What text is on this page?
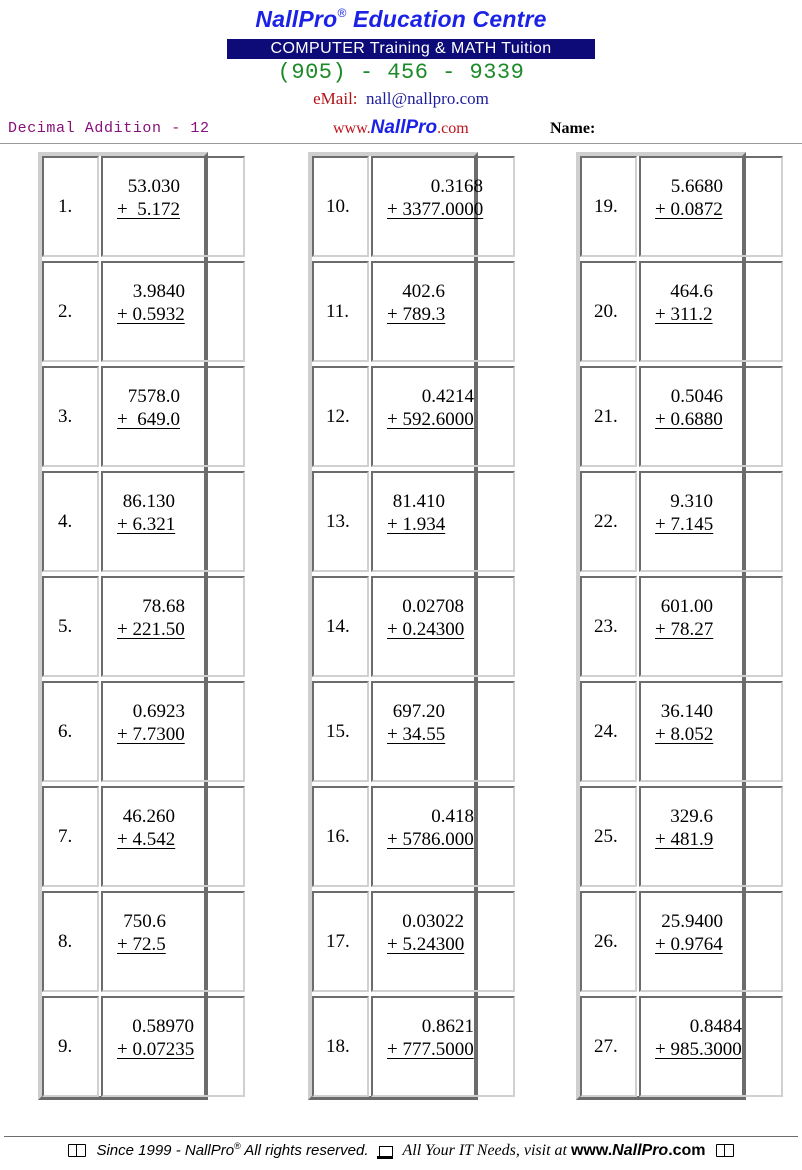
NallPro® Education Centre
COMPUTER Training & MATH Tuition
(905) - 456 - 9339
eMail: nall@nallpro.com
Decimal Addition - 12	www.NallPro.com	Name:
1.
53.030
+  5.172
2.
3.9840
+ 0.5932
3.
7578.0
+  649.0
4.
86.130
+ 6.321
5.
78.68
+ 221.50
6.
0.6923
+ 7.7300
7.
46.260
+ 4.542
8.
750.6
+ 72.5
9.
0.58970
+ 0.07235
10.
0.3168
+ 3377.0000
11.
402.6
+ 789.3
12.
0.4214
+ 592.6000
13.
81.410
+ 1.934
14.
0.02708
+ 0.24300
15.
697.20
+ 34.55
16.
0.418
+ 5786.000
17.
0.03022
+ 5.24300
18.
0.8621
+ 777.5000
19.
5.6680
+ 0.0872
20.
464.6
+ 311.2
21.
0.5046
+ 0.6880
22.
9.310
+ 7.145
23.
601.00
+ 78.27
24.
36.140
+ 8.052
25.
329.6
+ 481.9
26.
25.9400
+ 0.9764
27.
0.8484
+ 985.3000
Since 1999 - NallPro® All rights reserved. All Your IT Needs, visit at www.NallPro.com
